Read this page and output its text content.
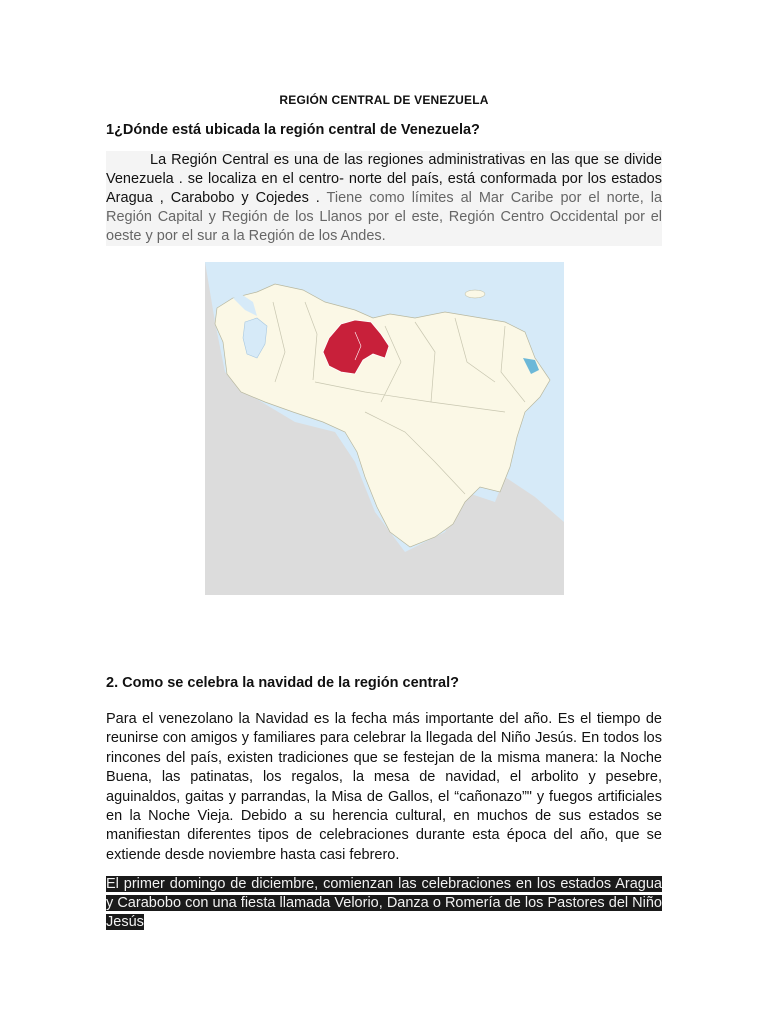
REGIÓN CENTRAL DE VENEZUELA
1¿Dónde está ubicada la región central de Venezuela?
La Región Central es una de las regiones administrativas en las que se divide Venezuela . se localiza en el centro- norte del país, está conformada por los estados Aragua , Carabobo y Cojedes . Tiene como límites al Mar Caribe por el norte, la Región Capital y Región de los Llanos por el este, Región Centro Occidental por el oeste y por el sur a la Región de los Andes.
2. Como se celebra la navidad de la región central?
Para el venezolano la Navidad es la fecha más importante del año. Es el tiempo de reunirse con amigos y familiares para celebrar la llegada del Niño Jesús. En todos los rincones del país, existen tradiciones que se festejan de la misma manera: la Noche Buena, las patinatas, los regalos, la mesa de navidad, el arbolito y pesebre, aguinaldos, gaitas y parrandas, la Misa de Gallos, el “cañonazo”" y fuegos artificiales en la Noche Vieja. Debido a su herencia cultural, en muchos de sus estados se manifiestan diferentes tipos de celebraciones durante esta época del año, que se extiende desde noviembre hasta casi febrero.
El primer domingo de diciembre, comienzan las celebraciones en los estados Aragua y Carabobo con una fiesta llamada Velorio, Danza o Romería de los Pastores del Niño Jesús
